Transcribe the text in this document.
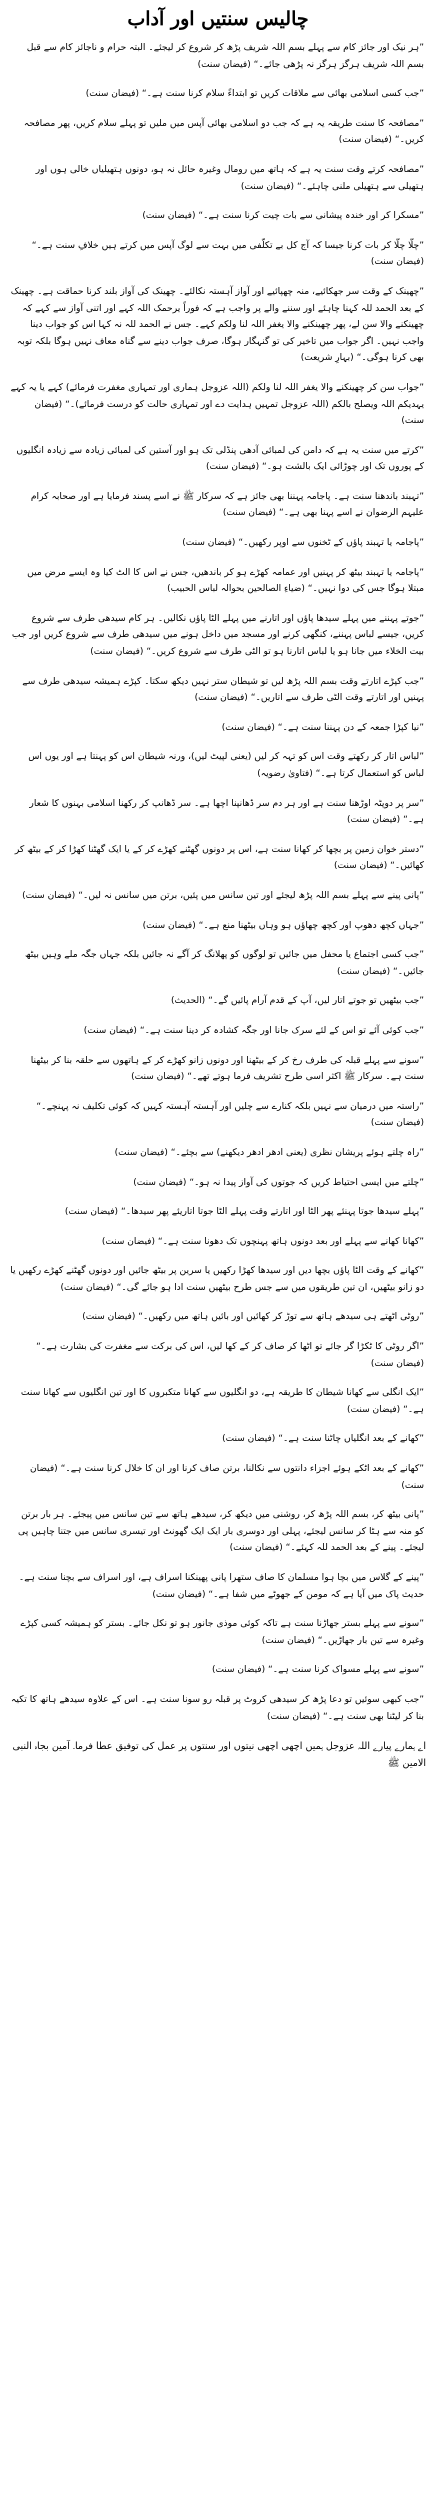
چالیس سنتیں اور آداب
”ہر نیک اور جائز کام سے پہلے بسم اللہ شریف پڑھ کر شروع کر لیجئے۔ البتہ حرام و ناجائز کام سے قبل بسم اللہ شریف ہرگز ہرگز نہ پڑھی جائے۔“ (فیضان سنت)
”جب کسی اسلامی بھائی سے ملاقات کریں تو ابتداءً سلام کرنا سنت ہے۔“ (فیضان سنت)
”مصافحہ کا سنت طریقہ یہ ہے کہ جب دو اسلامی بھائی آپس میں ملیں تو پہلے سلام کریں، پھر مصافحہ کریں۔“ (فیضان سنت)
”مصافحہ کرتے وقت سنت یہ ہے کہ ہاتھ میں رومال وغیرہ حائل نہ ہو، دونوں ہتھیلیاں خالی ہوں اور ہتھیلی سے ہتھیلی ملنی چاہئے۔“ (فیضان سنت)
”مسکرا کر اور خندہ پیشانی سے بات چیت کرنا سنت ہے۔“ (فیضان سنت)
”چلّا چلّا کر بات کرنا جیسا کہ آج کل بے تکلّفی میں بہت سے لوگ آپس میں کرتے ہیں خلافِ سنت ہے۔“ (فیضان سنت)
”چھینک کے وقت سر جھکائیے، منہ چھپائیے اور آواز آہستہ نکالئے۔ چھینک کی آواز بلند کرنا حماقت ہے۔ چھینک کے بعد الحمد للہ کہنا چاہئے اور سننے والے پر واجب ہے کہ فوراً یرحمک اللہ کہے اور اتنی آواز سے کہے کہ چھینکنے والا سن لے، پھر چھینکنے والا یغفر اللہ لنا ولکم کہے۔ جس نے الحمد للہ نہ کہا اس کو جواب دینا واجب نہیں۔ اگر جواب میں تاخیر کی تو گنہگار ہوگا، صرف جواب دینے سے گناہ معاف نہیں ہوگا بلکہ توبہ بھی کرنا ہوگی۔“ (بہارِ شریعت)
”جواب سن کر چھینکنے والا یغفر اللہ لنا ولکم (اللہ عزوجل ہماری اور تمہاری مغفرت فرمائے) کہے یا یہ کہے یہدیکم اللہ ویصلح بالکم (اللہ عزوجل تمہیں ہدایت دے اور تمہاری حالت کو درست فرمائے)۔“ (فیضان سنت)
”کرتے میں سنت یہ ہے کہ دامن کی لمبائی آدھی پنڈلی تک ہو اور آستین کی لمبائی زیادہ سے زیادہ انگلیوں کے پوروں تک اور چوڑائی ایک بالشت ہو۔“ (فیضان سنت)
”تہبند باندھنا سنت ہے۔ پاجامہ پہننا بھی جائز ہے کہ سرکار ﷺ نے اسے پسند فرمایا ہے اور صحابہ کرام علیہم الرضوان نے اسے پہنا بھی ہے۔“ (فیضان سنت)
”پاجامہ یا تہبند پاؤں کے ٹخنوں سے اوپر رکھیں۔“ (فیضان سنت)
”پاجامہ یا تہبند بیٹھ کر پہنیں اور عمامہ کھڑے ہو کر باندھیں، جس نے اس کا الٹ کیا وہ ایسے مرض میں مبتلا ہوگا جس کی دوا نہیں۔“ (ضیاءِ الصالحین بحوالہ لباس الحبیب)
”جوتے پہننے میں پہلے سیدھا پاؤں اور اتارنے میں پہلے الٹا پاؤں نکالیں۔ ہر کام سیدھی طرف سے شروع کریں، جیسے لباس پہننے، کنگھی کرنے اور مسجد میں داخل ہونے میں سیدھی طرف سے شروع کریں اور جب بیت الخلاء میں جانا ہو یا لباس اتارنا ہو تو الٹی طرف سے شروع کریں۔“ (فیضان سنت)
”جب کپڑے اتارتے وقت بسم اللہ پڑھ لیں تو شیطان ستر نہیں دیکھ سکتا۔ کپڑے ہمیشہ سیدھی طرف سے پہنیں اور اتارتے وقت الٹی طرف سے اتاریں۔“ (فیضان سنت)
”نیا کپڑا جمعہ کے دن پہننا سنت ہے۔“ (فیضان سنت)
”لباس اتار کر رکھتے وقت اس کو تہہ کر لیں (یعنی لپیٹ لیں)، ورنہ شیطان اس کو پہنتا ہے اور یوں اس لباس کو استعمال کرتا ہے۔“ (فتاویٰ رضویہ)
”سر پر دوپٹہ اوڑھنا سنت ہے اور ہر دم سر ڈھانپنا اچھا ہے۔ سر ڈھانپ کر رکھنا اسلامی بہنوں کا شعار ہے۔“ (فیضان سنت)
”دستر خوان زمین پر بچھا کر کھانا سنت ہے، اس پر دونوں گھٹنے کھڑے کر کے یا ایک گھٹنا کھڑا کر کے بیٹھ کر کھائیں۔“ (فیضان سنت)
”پانی پینے سے پہلے بسم اللہ پڑھ لیجئے اور تین سانس میں پئیں، برتن میں سانس نہ لیں۔“ (فیضان سنت)
”جہاں کچھ دھوپ اور کچھ چھاؤں ہو وہاں بیٹھنا منع ہے۔“ (فیضان سنت)
”جب کسی اجتماع یا محفل میں جائیں تو لوگوں کو پھلانگ کر آگے نہ جائیں بلکہ جہاں جگہ ملے وہیں بیٹھ جائیں۔“ (فیضان سنت)
”جب بیٹھیں تو جوتے اتار لیں، آپ کے قدم آرام پائیں گے۔“ (الحدیث)
”جب کوئی آئے تو اس کے لئے سرک جانا اور جگہ کشادہ کر دینا سنت ہے۔“ (فیضان سنت)
”سونے سے پہلے قبلہ کی طرف رخ کر کے بیٹھنا اور دونوں زانو کھڑے کر کے ہاتھوں سے حلقہ بنا کر بیٹھنا سنت ہے۔ سرکار ﷺ اکثر اسی طرح تشریف فرما ہوتے تھے۔“ (فیضان سنت)
”راستہ میں درمیان سے نہیں بلکہ کنارے سے چلیں اور آہستہ آہستہ کہیں کہ کوئی تکلیف نہ پہنچے۔“ (فیضان سنت)
”راہ چلتے ہوئے پریشان نظری (یعنی ادھر ادھر دیکھنے) سے بچئے۔“ (فیضان سنت)
”چلتے میں ایسی احتیاط کریں کہ جوتوں کی آواز پیدا نہ ہو۔“ (فیضان سنت)
”پہلے سیدھا جوتا پہنئے پھر الٹا اور اتارتے وقت پہلے الٹا جوتا اتاریئے پھر سیدھا۔“ (فیضان سنت)
”کھانا کھانے سے پہلے اور بعد دونوں ہاتھ پہنچوں تک دھونا سنت ہے۔“ (فیضان سنت)
”کھانے کے وقت الٹا پاؤں بچھا دیں اور سیدھا کھڑا رکھیں یا سرین پر بیٹھ جائیں اور دونوں گھٹنے کھڑے رکھیں یا دو زانو بیٹھیں، ان تین طریقوں میں سے جس طرح بیٹھیں سنت ادا ہو جائے گی۔“ (فیضان سنت)
”روٹی اٹھتے ہی سیدھے ہاتھ سے توڑ کر کھائیں اور بائیں ہاتھ میں رکھیں۔“ (فیضان سنت)
”اگر روٹی کا ٹکڑا گر جائے تو اٹھا کر صاف کر کے کھا لیں، اس کی برکت سے مغفرت کی بشارت ہے۔“ (فیضان سنت)
”ایک انگلی سے کھانا شیطان کا طریقہ ہے، دو انگلیوں سے کھانا متکبروں کا اور تین انگلیوں سے کھانا سنت ہے۔“ (فیضان سنت)
”کھانے کے بعد انگلیاں چاٹنا سنت ہے۔“ (فیضان سنت)
”کھانے کے بعد اٹکے ہوئے اجزاء دانتوں سے نکالنا، برتن صاف کرنا اور ان کا خلال کرنا سنت ہے۔“ (فیضان سنت)
”پانی بیٹھ کر، بسم اللہ پڑھ کر، روشنی میں دیکھ کر، سیدھے ہاتھ سے تین سانس میں پیجئے۔ ہر بار برتن کو منہ سے ہٹا کر سانس لیجئے، پہلی اور دوسری بار ایک ایک گھونٹ اور تیسری سانس میں جتنا چاہیں پی لیجئے۔ پینے کے بعد الحمد للہ کہئے۔“ (فیضان سنت)
”پینے کے گلاس میں بچا ہوا مسلمان کا صاف ستھرا پانی پھینکنا اسراف ہے، اور اسراف سے بچنا سنت ہے۔ حدیث پاک میں آیا ہے کہ مومن کے جھوٹے میں شفا ہے۔“ (فیضان سنت)
”سونے سے پہلے بستر جھاڑنا سنت ہے تاکہ کوئی موذی جانور ہو تو نکل جائے۔ بستر کو ہمیشہ کسی کپڑے وغیرہ سے تین بار جھاڑیں۔“ (فیضان سنت)
”سونے سے پہلے مسواک کرنا سنت ہے۔“ (فیضان سنت)
”جب کبھی سوئیں تو دعا پڑھ کر سیدھی کروٹ پر قبلہ رو سونا سنت ہے۔ اس کے علاوہ سیدھے ہاتھ کا تکیہ بنا کر لیٹنا بھی سنت ہے۔“ (فیضان سنت)
اے ہمارے پیارے اللہ عزوجل ہمیں اچھی اچھی نیتوں اور سنتوں پر عمل کی توفیق عطا فرما۔ آمین بجاہ النبی الامین ﷺ
